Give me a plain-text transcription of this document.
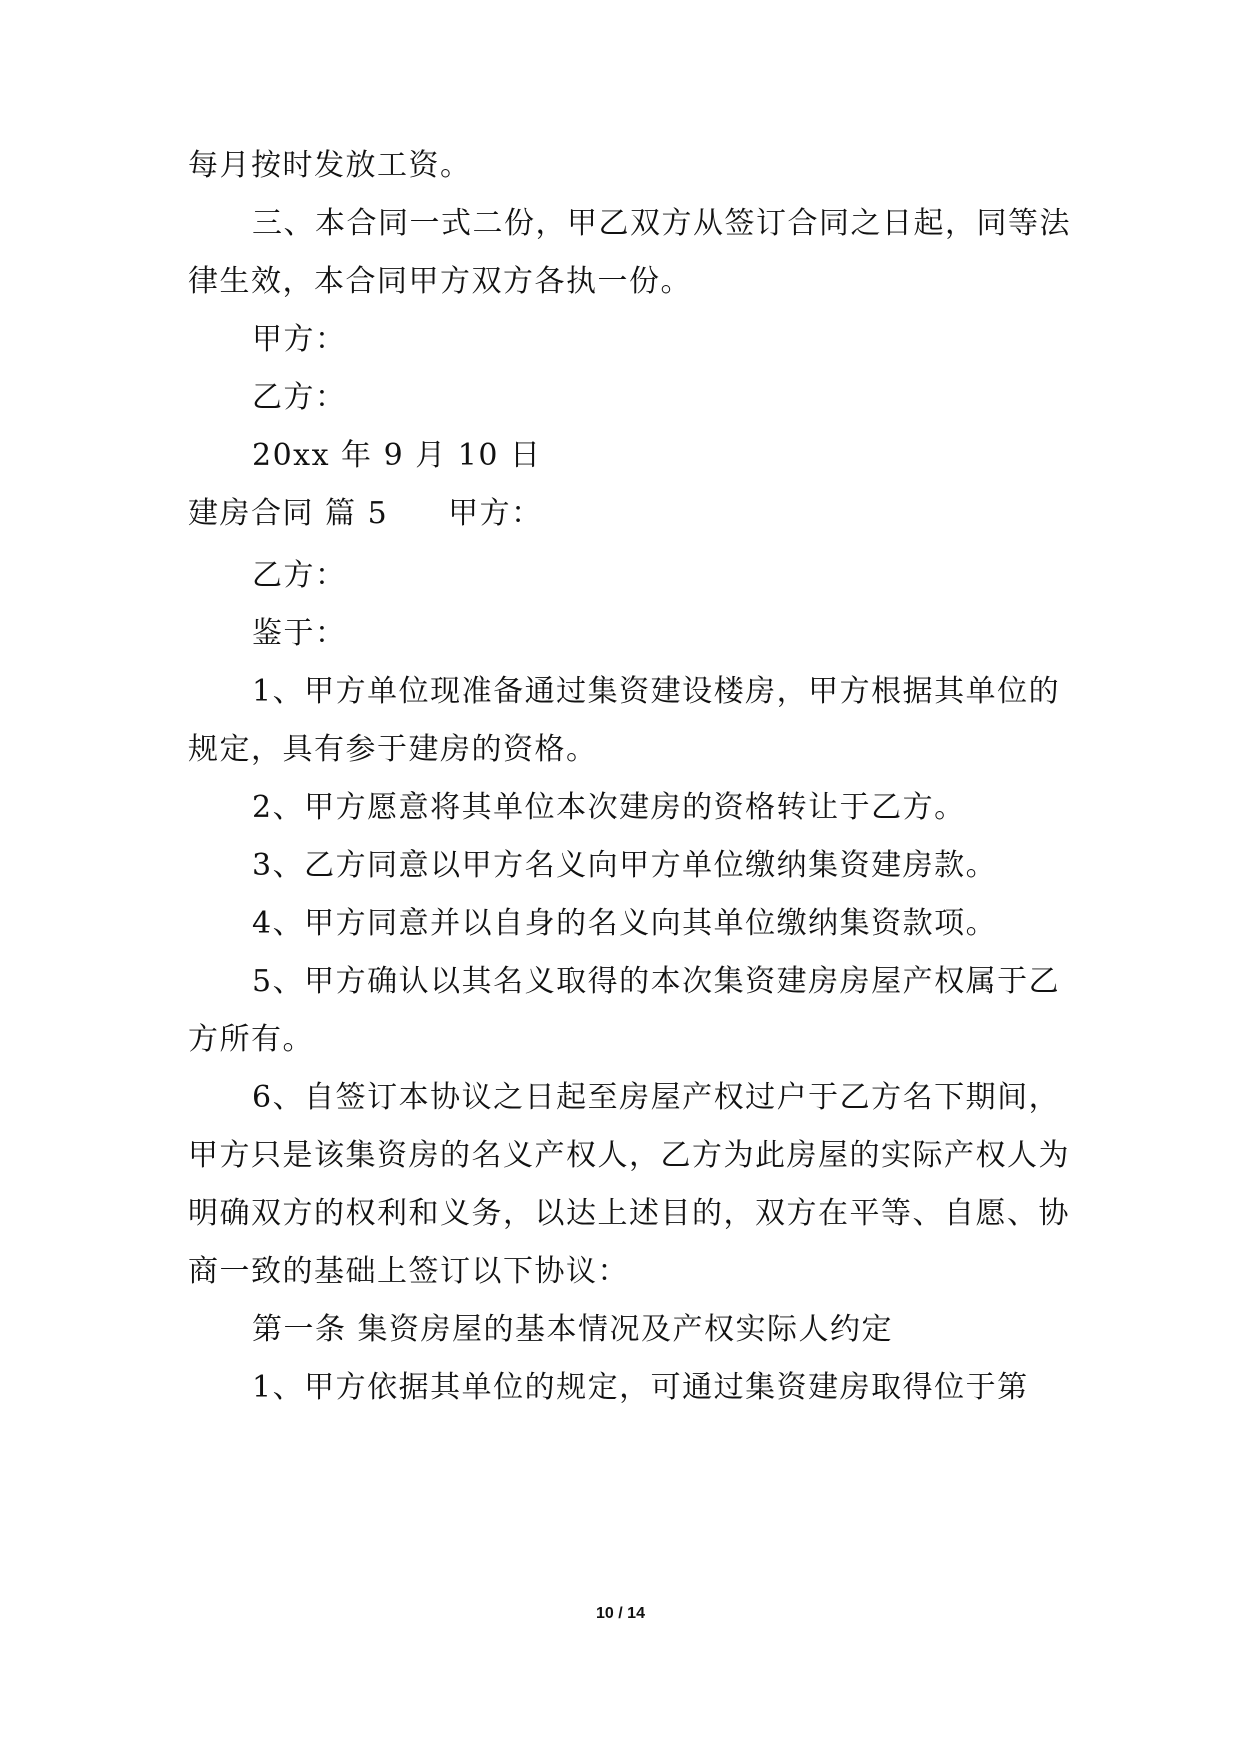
每月按时发放工资。
三、本合同一式二份，甲乙双方从签订合同之日起，同等法
律生效，本合同甲方双方各执一份。
甲方：
乙方：
20xx 年 9 月 10 日
建房合同 篇 5 甲方：
乙方：
鉴于：
1、甲方单位现准备通过集资建设楼房，甲方根据其单位的
规定，具有参于建房的资格。
2、甲方愿意将其单位本次建房的资格转让于乙方。
3、乙方同意以甲方名义向甲方单位缴纳集资建房款。
4、甲方同意并以自身的名义向其单位缴纳集资款项。
5、甲方确认以其名义取得的本次集资建房房屋产权属于乙
方所有。
6、自签订本协议之日起至房屋产权过户于乙方名下期间，
甲方只是该集资房的名义产权人，乙方为此房屋的实际产权人为
明确双方的权利和义务，以达上述目的，双方在平等、自愿、协
商一致的基础上签订以下协议：
第一条 集资房屋的基本情况及产权实际人约定
1、甲方依据其单位的规定，可通过集资建房取得位于第
10 / 14
